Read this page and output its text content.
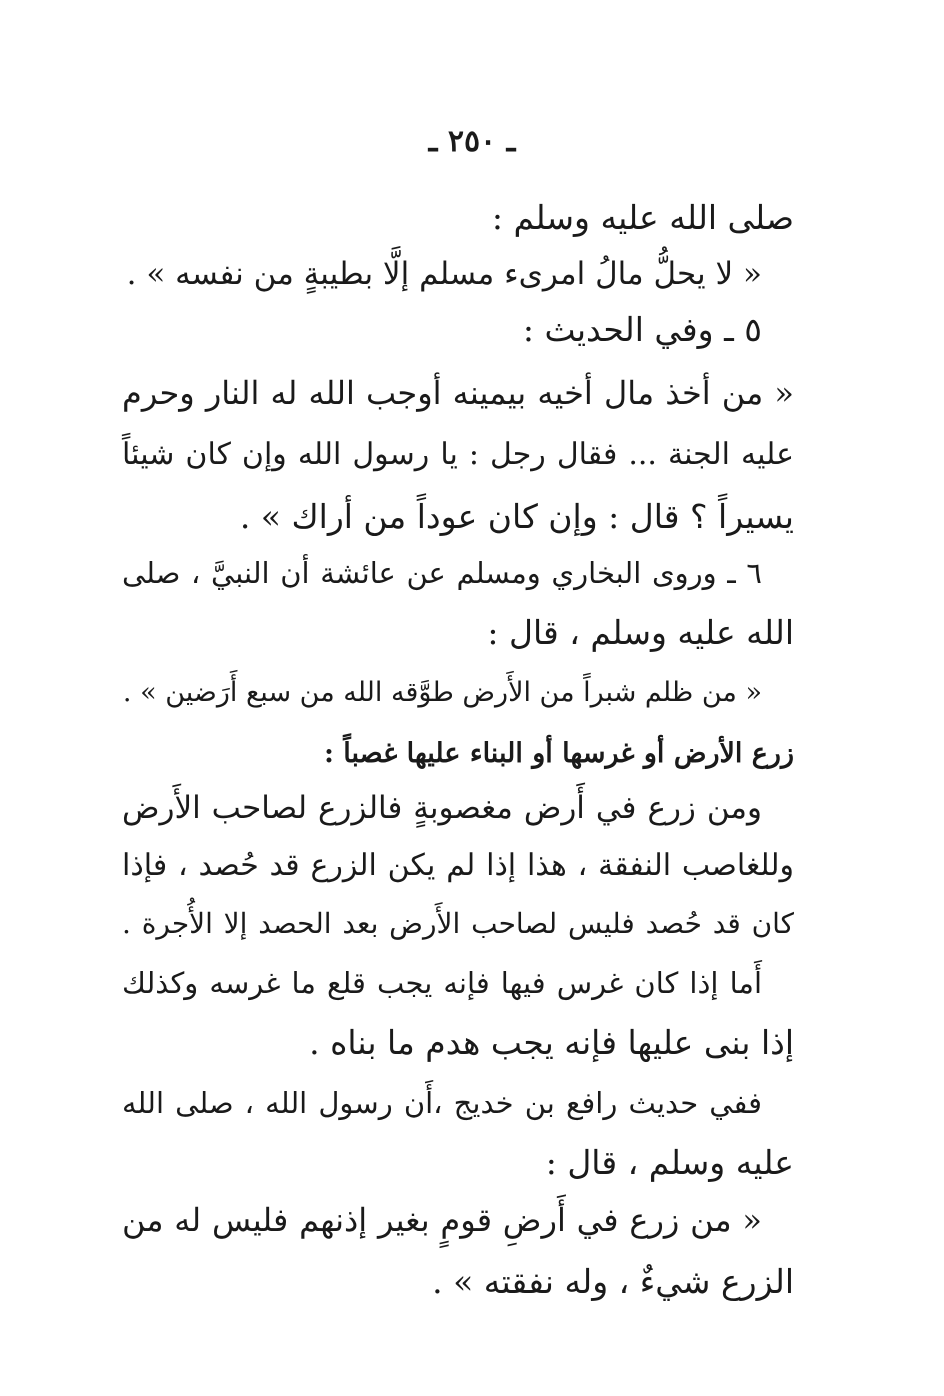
ـ ٢٥٠ ـ
صلى الله عليه وسلم :
« لا يحلُّ مالُ امرىء مسلم إلَّا بطيبةٍ من نفسه » .
٥ ـ وفي الحديث :
« من أخذ مال أخيه بيمينه أوجب الله له النار وحرم
عليه الجنة ... فقال رجل : يا رسول الله وإن كان شيئاً
يسيراً ؟ قال : وإن كان عوداً من أراك » .
٦ ـ وروى البخاري ومسلم عن عائشة أن النبيَّ ، صلى
الله عليه وسلم ، قال :
« من ظلم شبراً من الأَرض طوَّقه الله من سبع أَرَضين » .
زرع الأرض أو غرسها أو البناء عليها غصباً :
ومن زرع في أَرض مغصوبةٍ فالزرع لصاحب الأَرض
وللغاصب النفقة ، هذا إذا لم يكن الزرع قد حُصد ، فإذا
كان قد حُصد فليس لصاحب الأَرض بعد الحصد إلا الأُجرة .
أَما إذا كان غرس فيها فإنه يجب قلع ما غرسه وكذلك
إذا بنى عليها فإنه يجب هدم ما بناه .
ففي حديث رافع بن خديج ،أَن رسول الله ، صلى الله
عليه وسلم ، قال :
« من زرع في أَرضِ قومٍ بغير إذنهم فليس له من
الزرع شيءٌ ، وله نفقته » .
